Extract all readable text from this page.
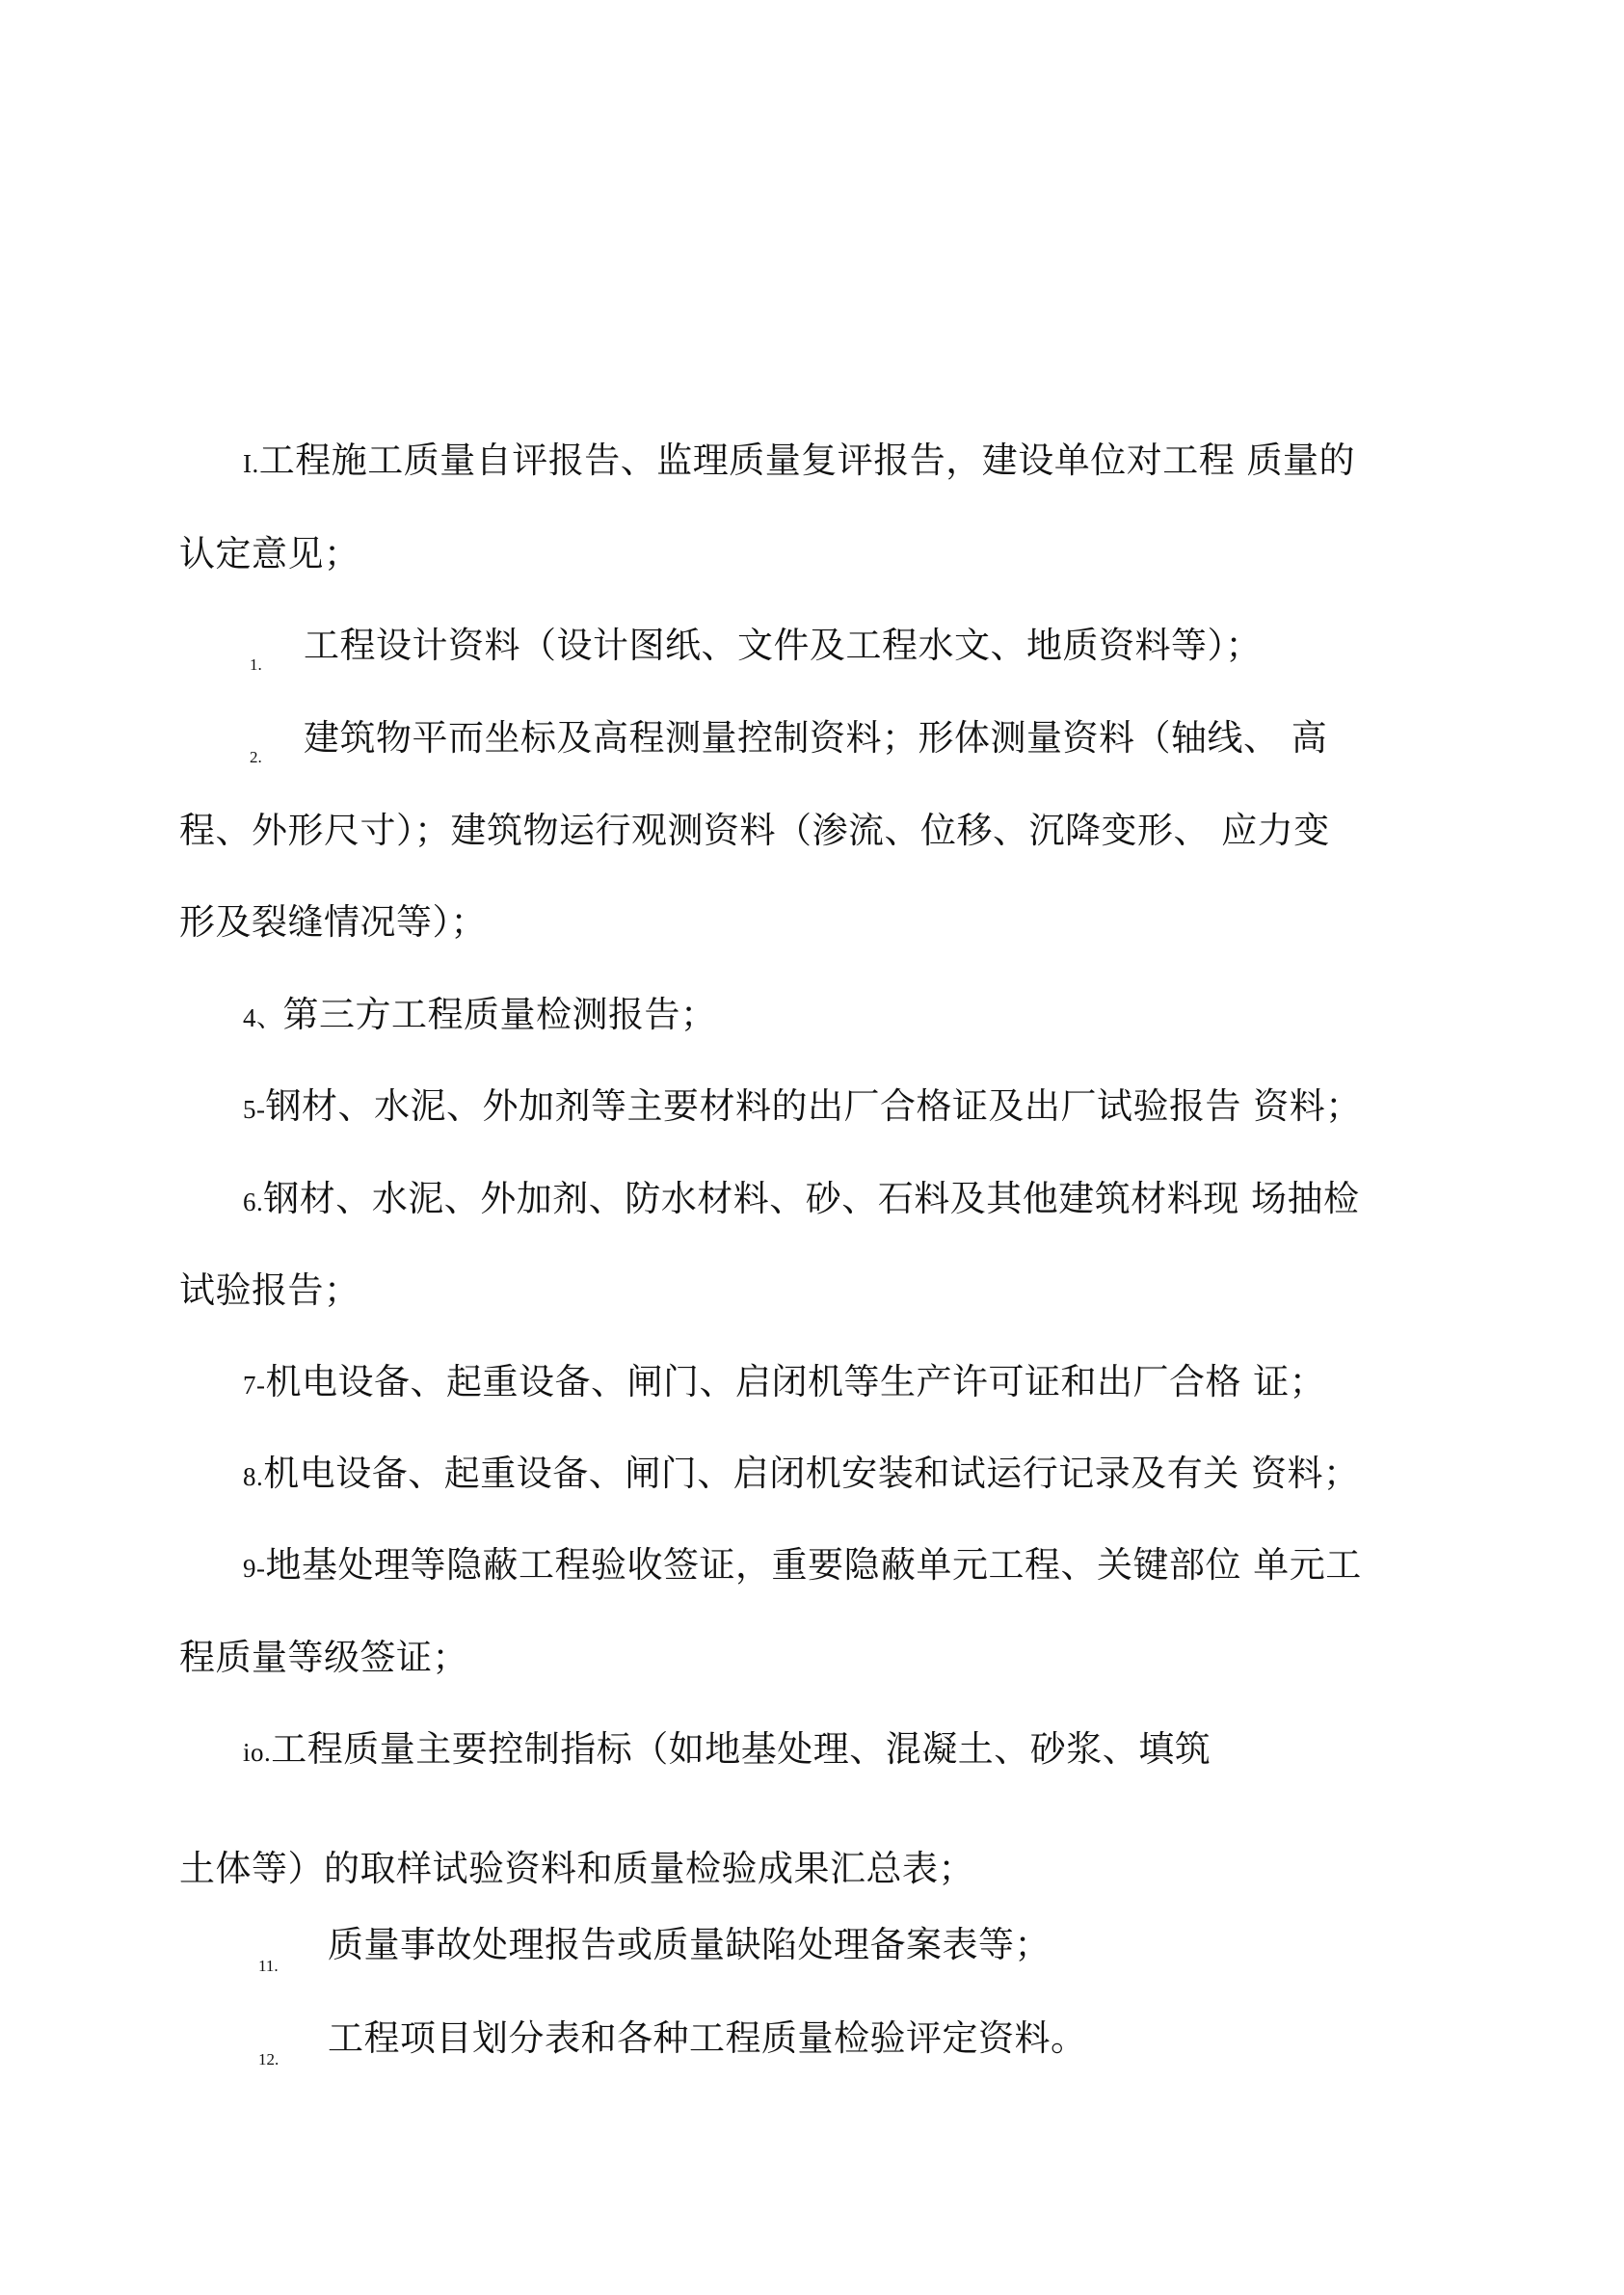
I.工程施工质量自评报告、监理质量复评报告，建设单位对工程 质量的
认定意见；
1. 工程设计资料（设计图纸、文件及工程水文、地质资料等）；
2. 建筑物平而坐标及高程测量控制资料；形体测量资料（轴线、 高
程、外形尺寸）；建筑物运行观测资料（渗流、位移、沉降变形、 应力变
形及裂缝情况等）；
4、第三方工程质量检测报告；
5-钢材、水泥、外加剂等主要材料的出厂合格证及出厂试验报告 资料；
6.钢材、水泥、外加剂、防水材料、砂、石料及其他建筑材料现 场抽检
试验报告；
7-机电设备、起重设备、闸门、启闭机等生产许可证和出厂合格 证；
8.机电设备、起重设备、闸门、启闭机安装和试运行记录及有关 资料；
9-地基处理等隐蔽工程验收签证，重要隐蔽单元工程、关键部位 单元工
程质量等级签证；
io.工程质量主要控制指标（如地基处理、混凝土、砂浆、填筑
土体等）的取样试验资料和质量检验成果汇总表；
11.
质量事故处理报告或质量缺陷处理备案表等；
12.
工程项目划分表和各种工程质量检验评定资料。
